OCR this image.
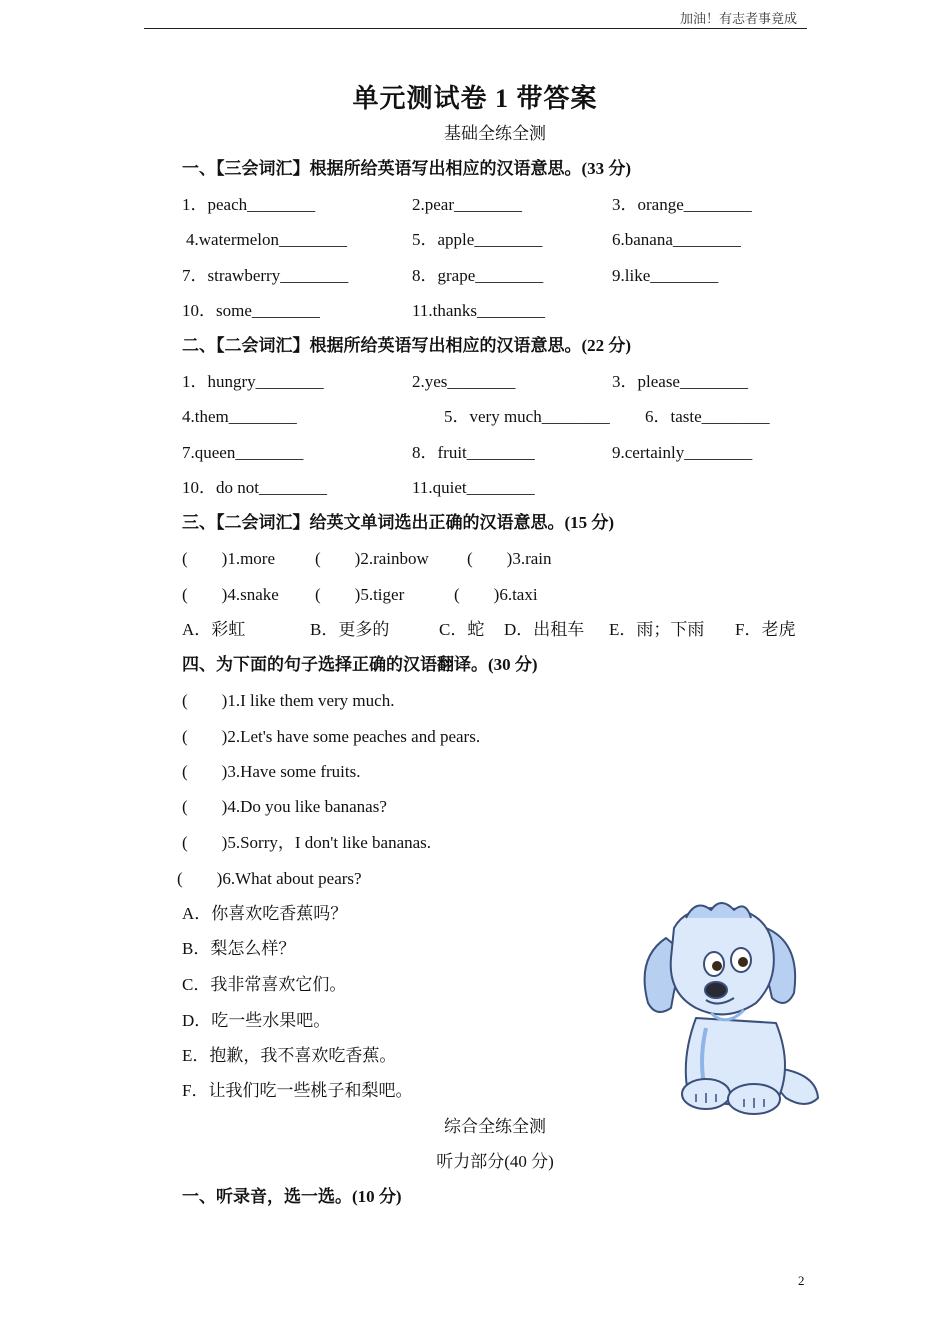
加油！有志者事竟成
单元测试卷 1 带答案
基础全练全测
一、【三会词汇】根据所给英语写出相应的汉语意思。(33 分)
1．peach________	2.pear________	3．orange________
4.watermelon________	5．apple________	6.banana________
7．strawberry________	8．grape________	9.like________
10．some________	11.thanks________
二、【二会词汇】根据所给英语写出相应的汉语意思。(22 分)
1．hungry________	2.yes________	3．please________
4.them________	5．very much________ 6．taste________
7.queen________	8．fruit________	9.certainly________
10．do not________	11.quiet________
三、【二会词汇】给英文单词选出正确的汉语意思。(15 分)
(　　)1.more (　　)2.rainbow (　　)3.rain
(　　)4.snake (　　)5.tiger	(　　)6.taxi
A．彩虹	B．更多的	C．蛇 D．出租车 E．雨；下雨 F．老虎
四、为下面的句子选择正确的汉语翻译。(30 分)
(　　)1.I like them very much.
(　　)2.Let's have some peaches and pears.
(　　)3.Have some fruits.
(　　)4.Do you like bananas?
(　　)5.Sorry，I don't like bananas.
(　　)6.What about pears?
A．你喜欢吃香蕉吗？
B．梨怎么样？
C．我非常喜欢它们。
D．吃一些水果吧。
E．抱歉，我不喜欢吃香蕉。
F．让我们吃一些桃子和梨吧。
综合全练全测
听力部分(40 分)
一、听录音，选一选。(10 分)
2
